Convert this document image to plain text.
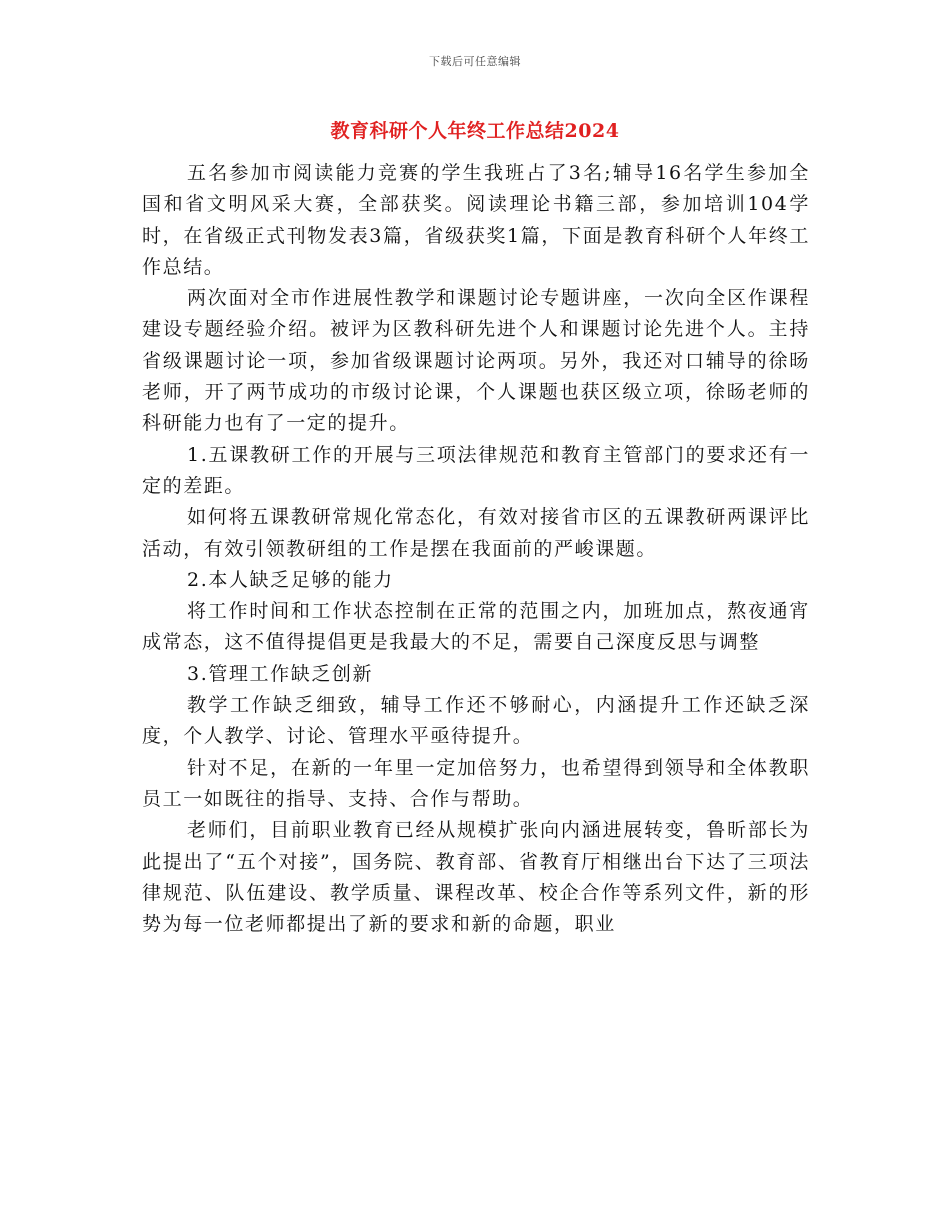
下载后可任意编辑
教育科研个人年终工作总结2024

五名参加市阅读能力竞赛的学生我班占了3名;辅导16名学生参加全国和省文明风采大赛，全部获奖。阅读理论书籍三部，参加培训104学时，在省级正式刊物发表3篇，省级获奖1篇，下面是教育科研个人年终工作总结。

两次面对全市作进展性教学和课题讨论专题讲座，一次向全区作课程建设专题经验介绍。被评为区教科研先进个人和课题讨论先进个人。主持省级课题讨论一项，参加省级课题讨论两项。另外，我还对口辅导的徐旸老师，开了两节成功的市级讨论课，个人课题也获区级立项，徐旸老师的科研能力也有了一定的提升。

1.五课教研工作的开展与三项法律规范和教育主管部门的要求还有一定的差距。

如何将五课教研常规化常态化，有效对接省市区的五课教研两课评比活动，有效引领教研组的工作是摆在我面前的严峻课题。

2.本人缺乏足够的能力

将工作时间和工作状态控制在正常的范围之内，加班加点，熬夜通宵成常态，这不值得提倡更是我最大的不足，需要自己深度反思与调整

3.管理工作缺乏创新

教学工作缺乏细致，辅导工作还不够耐心，内涵提升工作还缺乏深度，个人教学、讨论、管理水平亟待提升。

针对不足，在新的一年里一定加倍努力，也希望得到领导和全体教职员工一如既往的指导、支持、合作与帮助。

老师们，目前职业教育已经从规模扩张向内涵进展转变，鲁昕部长为此提出了“五个对接”，国务院、教育部、省教育厅相继出台下达了三项法律规范、队伍建设、教学质量、课程改革、校企合作等系列文件，新的形势为每一位老师都提出了新的要求和新的命题，职业
